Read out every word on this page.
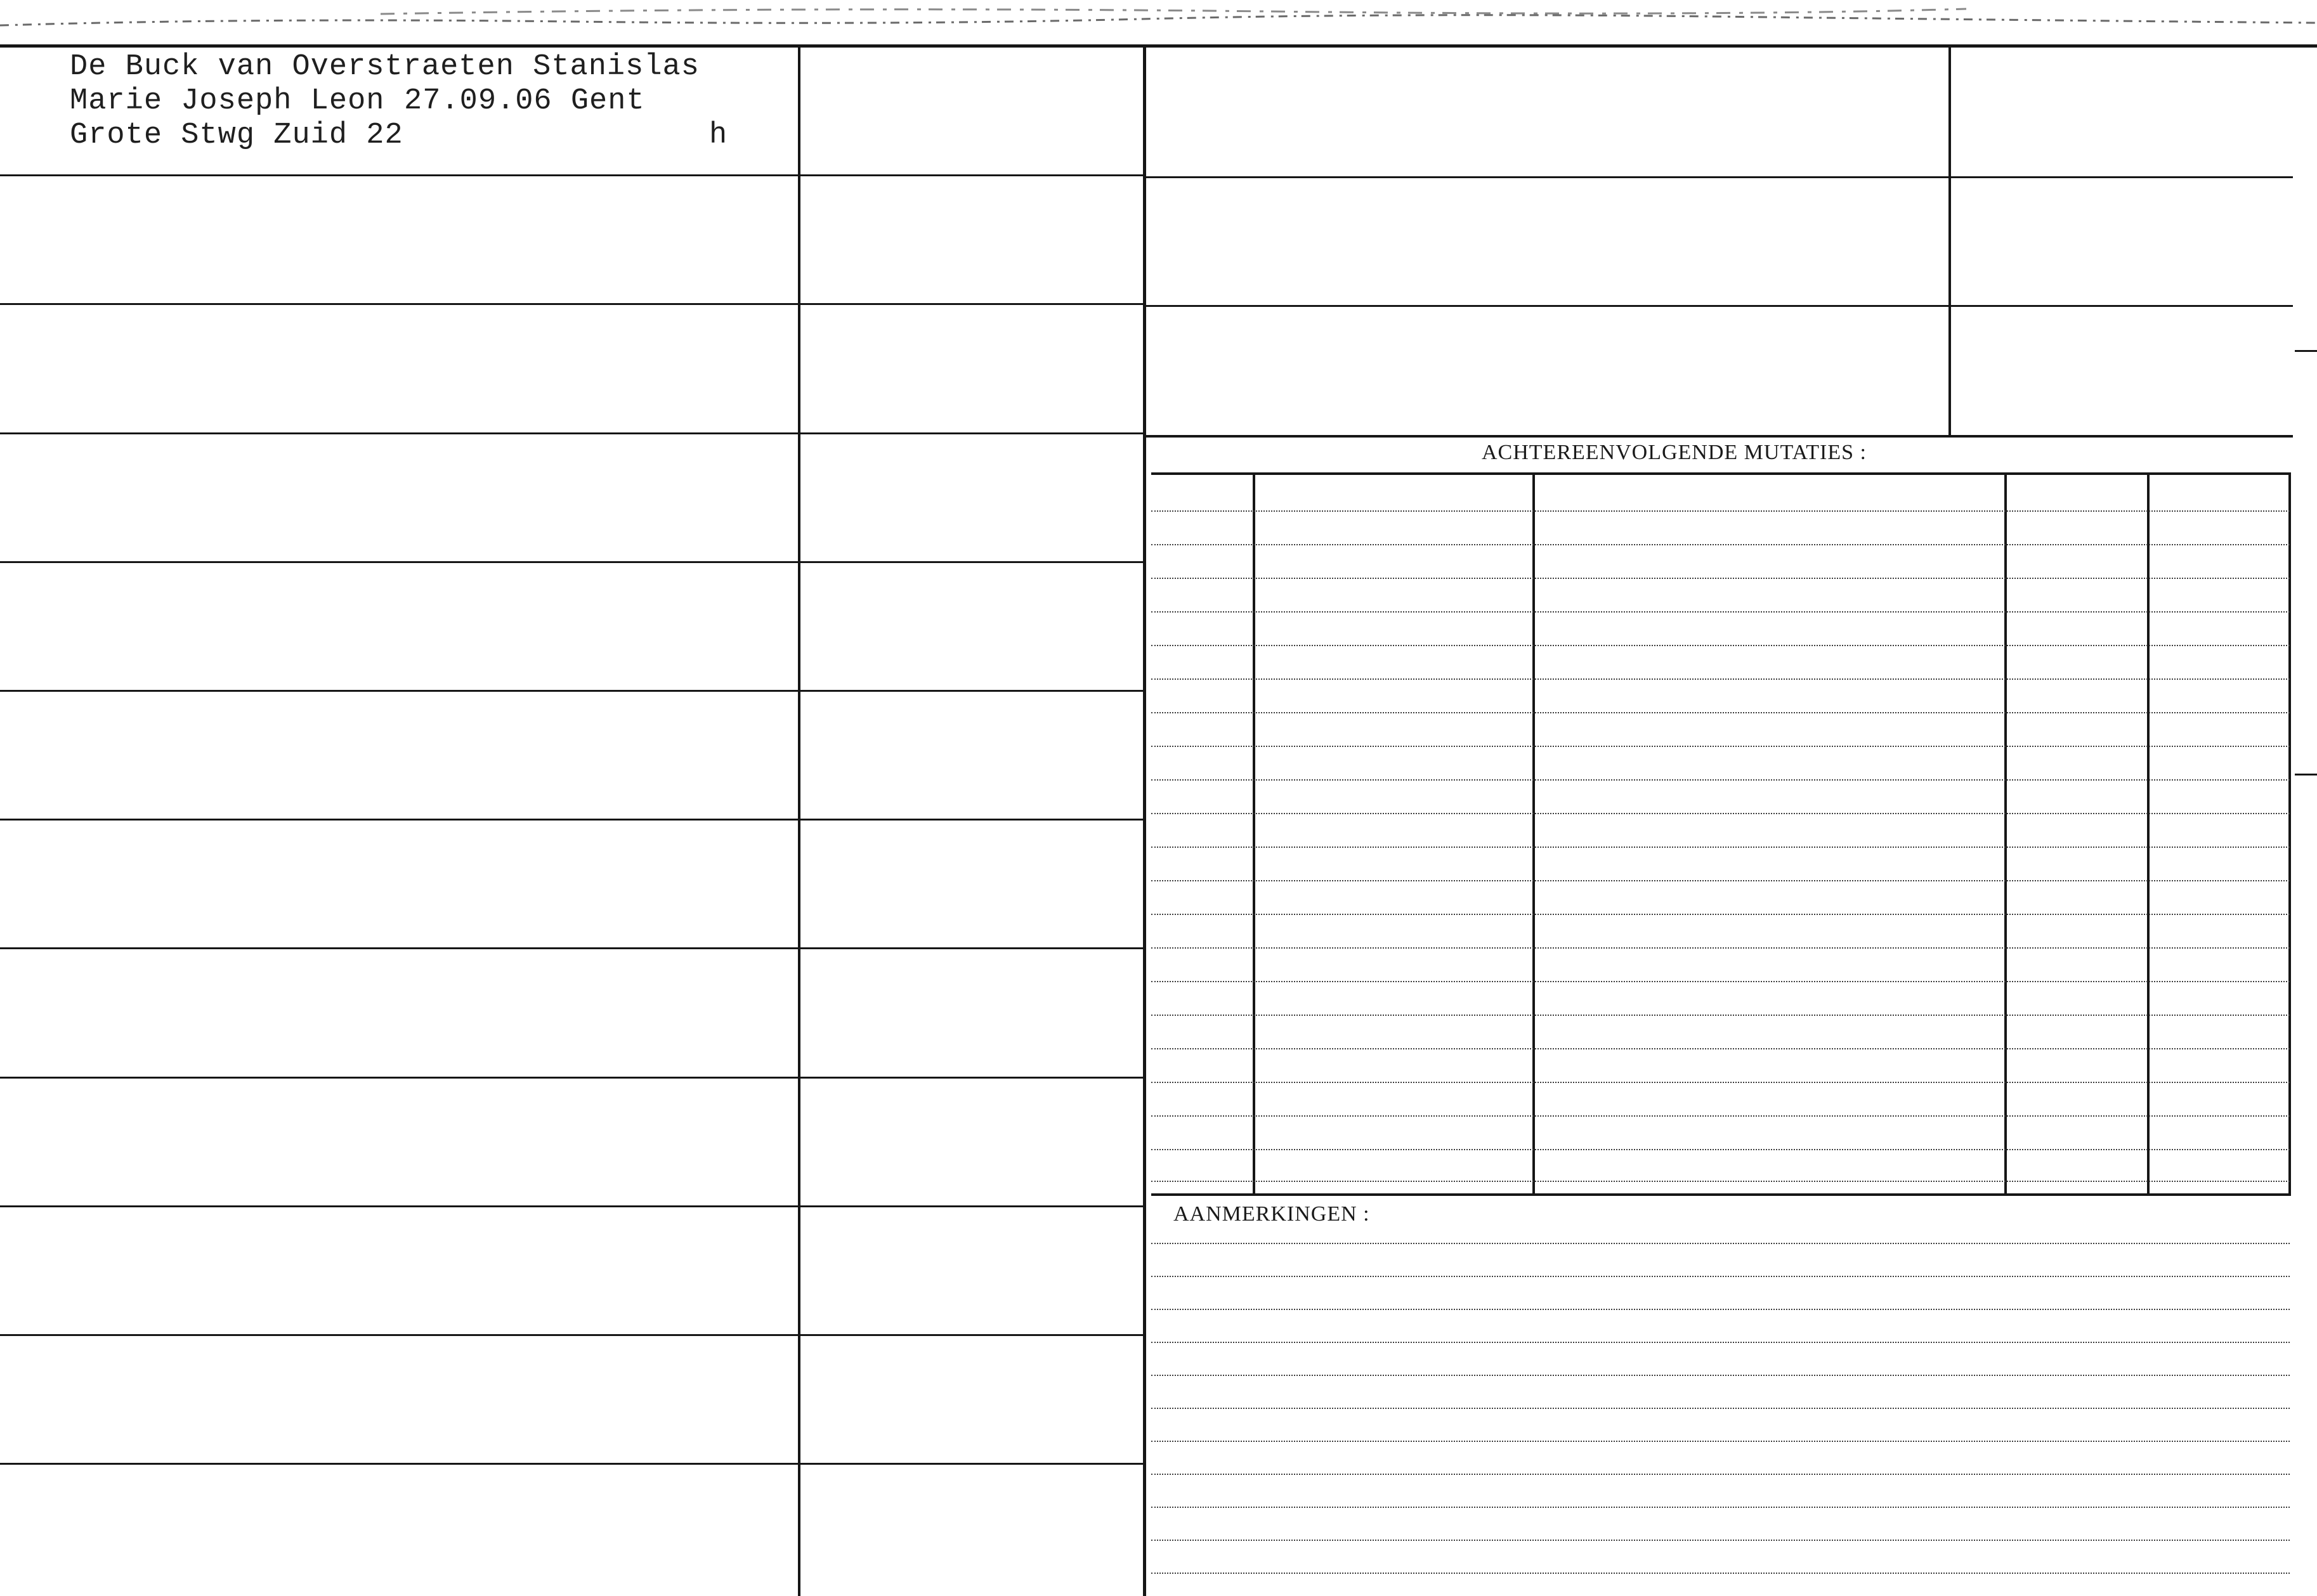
De Buck van Overstraeten Stanislas
Marie Joseph Leon 27.09.06 Gent
Grote Stwg Zuid 22	h
ACHTEREENVOLGENDE MUTATIES :
AANMERKINGEN :
